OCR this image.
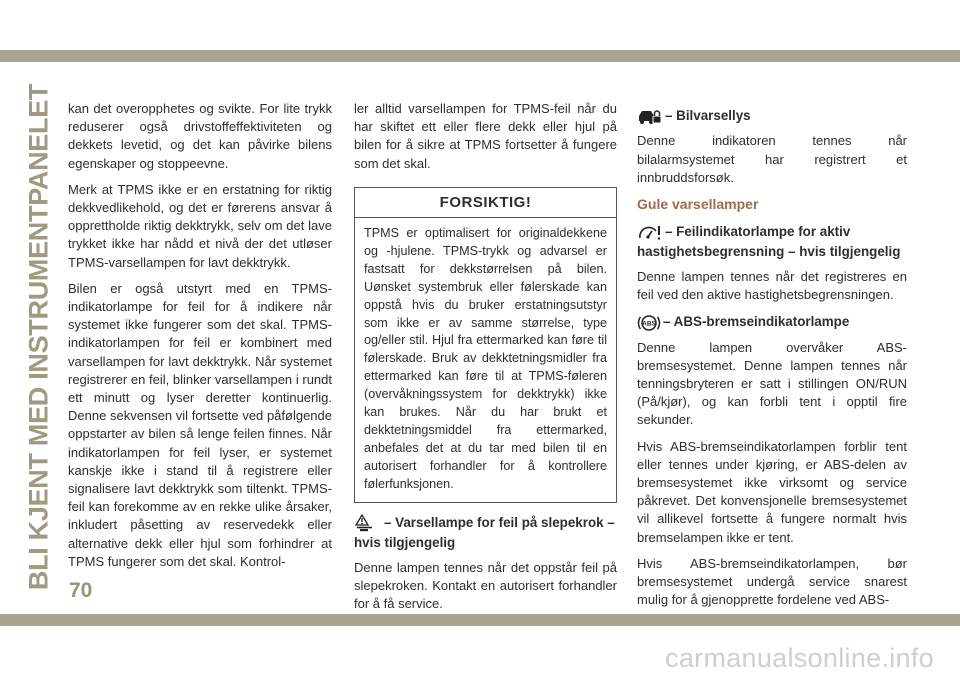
BLI KJENT MED INSTRUMENTPANELET kan det overopphetes og svikte. For lite trykk reduserer også drivstoffeffektiviteten og dekkets levetid, og det kan påvirke bilens egenskaper og stoppeevne.

Merk at TPMS ikke er en erstatning for riktig dekkvedlikehold, og det er førerens ansvar å opprettholde riktig dekktrykk, selv om det lave trykket ikke har nådd et nivå der det utløser TPMS-varsellampen for lavt dekktrykk.

Bilen er også utstyrt med en TPMS-indikatorlampe for feil for å indikere når systemet ikke fungerer som det skal. TPMS-indikatorlampen for feil er kombinert med varsellampen for lavt dekktrykk. Når systemet registrerer en feil, blinker varsellampen i rundt ett minutt og lyser deretter kontinuerlig. Denne sekvensen vil fortsette ved påfølgende oppstarter av bilen så lenge feilen finnes. Når indikatorlampen for feil lyser, er systemet kanskje ikke i stand til å registrere eller signalisere lavt dekktrykk som tiltenkt. TPMS-feil kan forekomme av en rekke ulike årsaker, inkludert påsetting av reservedekk eller alternative dekk eller hjul som forhindrer at TPMS fungerer som det skal. Kontrol-

ler alltid varsellampen for TPMS-feil når du har skiftet ett eller flere dekk eller hjul på bilen for å sikre at TPMS fortsetter å fungere som det skal.

FORSIKTIG!
TPMS er optimalisert for originaldekkene og -hjulene. TPMS-trykk og advarsel er fastsatt for dekkstørrelsen på bilen. Uønsket systembruk eller følerskade kan oppstå hvis du bruker erstatningsutstyr som ikke er av samme størrelse, type og/eller stil. Hjul fra ettermarked kan føre til følerskade. Bruk av dekktetningsmidler fra ettermarked kan føre til at TPMS-føleren (overvåkningssystem for dekktrykk) ikke kan brukes. Når du har brukt et dekktetningsmiddel fra ettermarked, anbefales det at du tar med bilen til en autorisert forhandler for å kontrollere følerfunksjonen.
– Varsellampe for feil på slepekrok – hvis tilgjengelig

Denne lampen tennes når det oppstår feil på slepekroken. Kontakt en autorisert forhandler for å få service.

– Bilvarsellys

Denne indikatoren tennes når bilalarmsystemet har registrert et innbruddsforsøk.

Gule varsellamper
– Feilindikatorlampe for aktiv hastighetsbegrensning – hvis tilgjengelig

Denne lampen tennes når det registreres en feil ved den aktive hastighetsbegrensningen.

ABS – ABS-bremseindikatorlampe

Denne lampen overvåker ABS-bremsesystemet. Denne lampen tennes når tenningsbryteren er satt i stillingen ON/RUN (På/kjør), og kan forbli tent i opptil fire sekunder.

Hvis ABS-bremseindikatorlampen forblir tent eller tennes under kjøring, er ABS-delen av bremsesystemet ikke virksomt og service påkrevet. Det konvensjonelle bremsesystemet vil allikevel fortsette å fungere normalt hvis bremselampen ikke er tent.

Hvis ABS-bremseindikatorlampen, bør bremsesystemet undergå service snarest mulig for å gjenopprette fordelene ved ABS-

70
carmanualsonline.info
